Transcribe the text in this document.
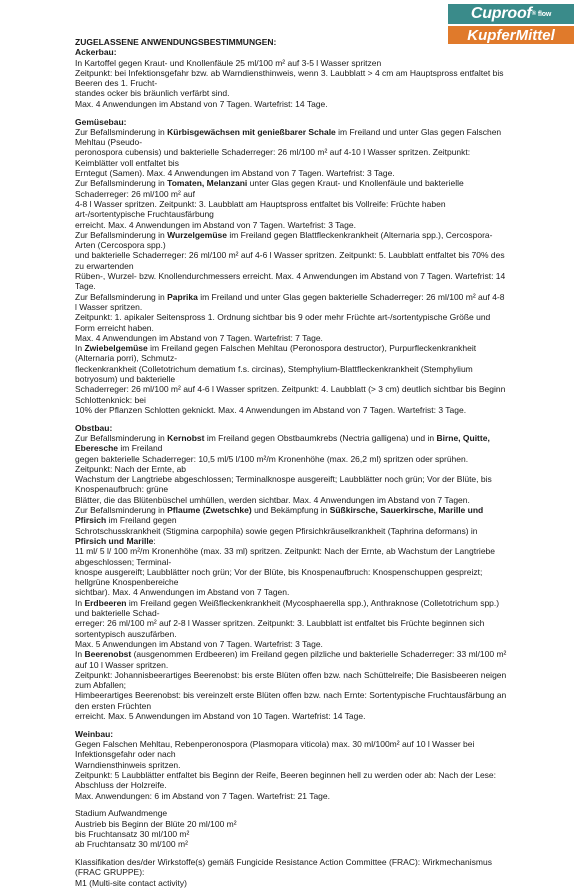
Cuproof ® flow
KupferMittel

ZUGELASSENE ANWENDUNGSBESTIMMUNGEN:

Ackerbau:

In Kartoffel gegen Kraut- und Knollenfäule 25 ml/100 m² auf 3-5 l Wasser spritzen

Zeitpunkt: bei Infektionsgefahr bzw. ab Warndiensthinweis, wenn 3. Laubblatt > 4 cm am Hauptspross entfaltet bis Beeren des 1. Frucht-

standes ocker bis bräunlich verfärbt sind.

Max. 4 Anwendungen im Abstand von 7 Tagen. Wartefrist: 14 Tage.

Gemüsebau:

Zur Befallsminderung in Kürbisgewächsen mit genießbarer Schale im Freiland und unter Glas gegen Falschen Mehltau (Pseudo-

peronospora cubensis) und bakterielle Schaderreger: 26 ml/100 m² auf 4-10 l Wasser spritzen. Zeitpunkt: Keimblätter voll entfaltet bis

Erntegut (Samen). Max. 4 Anwendungen im Abstand von 7 Tagen. Wartefrist: 3 Tage.

Zur Befallsminderung in Tomaten, Melanzani unter Glas gegen Kraut- und Knollenfäule und bakterielle Schaderreger: 26 ml/100 m² auf

4-8 l Wasser spritzen. Zeitpunkt: 3. Laubblatt am Hauptspross entfaltet bis Vollreife: Früchte haben art-/sortentypische Fruchtausfärbung

erreicht. Max. 4 Anwendungen im Abstand von 7 Tagen. Wartefrist: 3 Tage.

Zur Befallsminderung in Wurzelgemüse im Freiland gegen Blattfleckenkrankheit (Alternaria spp.), Cercospora-Arten (Cercospora spp.)

und bakterielle Schaderreger: 26 ml/100 m² auf 4-6 l Wasser spritzen. Zeitpunkt: 5. Laubblatt entfaltet bis 70% des zu erwartenden

Rüben-, Wurzel- bzw. Knollendurchmessers erreicht. Max. 4 Anwendungen im Abstand von 7 Tagen. Wartefrist: 14 Tage.

Zur Befallsminderung in Paprika im Freiland und unter Glas gegen bakterielle Schaderreger: 26 ml/100 m² auf 4-8 l Wasser spritzen.

Zeitpunkt: 1. apikaler Seitenspross 1. Ordnung sichtbar bis 9 oder mehr Früchte art-/sortentypische Größe und Form erreicht haben.

Max. 4 Anwendungen im Abstand von 7 Tagen. Wartefrist: 7 Tage.

In Zwiebelgemüse im Freiland gegen Falschen Mehltau (Peronospora destructor), Purpurfleckenkrankheit (Alternaria porri), Schmutz-

fleckenkrankheit (Colletotrichum dematium f.s. circinas), Stemphylium-Blattfleckenkrankheit (Stemphylium botryosum) und bakterielle

Schaderreger: 26 ml/100 m² auf 4-6 l Wasser spritzen. Zeitpunkt: 4. Laubblatt (> 3 cm) deutlich sichtbar bis Beginn Schlottenknick: bei

10% der Pflanzen Schlotten geknickt. Max. 4 Anwendungen im Abstand von 7 Tagen. Wartefrist: 3 Tage.

Obstbau:

Zur Befallsminderung in Kernobst im Freiland gegen Obstbaumkrebs (Nectria galligena) und in Birne, Quitte, Eberesche im Freiland

gegen bakterielle Schaderreger: 10,5 ml/5 l/100 m²/m Kronenhöhe (max. 26,2 ml) spritzen oder sprühen. Zeitpunkt: Nach der Ernte, ab

Wachstum der Langtriebe abgeschlossen; Terminalknospe ausgereift; Laubblätter noch grün; Vor der Blüte, bis Knospenaufbruch: grüne

Blätter, die das Blütenbüschel umhüllen, werden sichtbar. Max. 4 Anwendungen im Abstand von 7 Tagen.

Zur Befallsminderung in Pflaume (Zwetschke) und Bekämpfung in Süßkirsche, Sauerkirsche, Marille und Pfirsich im Freiland gegen

Schrotschusskrankheit (Stigmina carpophila) sowie gegen Pfirsichkräuselkrankheit (Taphrina deformans) in Pfirsich und Marille:

11 ml/ 5 l/ 100 m²/m Kronenhöhe (max. 33 ml) spritzen. Zeitpunkt: Nach der Ernte, ab Wachstum der Langtriebe abgeschlossen; Terminal-

knospe ausgereift; Laubblätter noch grün; Vor der Blüte, bis Knospenaufbruch: Knospenschuppen gespreizt; hellgrüne Knospenbereiche

sichtbar). Max. 4 Anwendungen im Abstand von 7 Tagen.

In Erdbeeren im Freiland gegen Weißfleckenkrankheit (Mycosphaerella spp.), Anthraknose (Colletotrichum spp.) und bakterielle Schad-

erreger: 26 ml/100 m² auf 2-8 l Wasser spritzen. Zeitpunkt: 3. Laubblatt ist entfaltet bis Früchte beginnen sich sortentypisch auszufärben.

Max. 5 Anwendungen im Abstand von 7 Tagen. Wartefrist: 3 Tage.

In Beerenobst (ausgenommen Erdbeeren) im Freiland gegen pilzliche und bakterielle Schaderreger: 33 ml/100 m² auf 10 l Wasser spritzen.

Zeitpunkt: Johannisbeerartiges Beerenobst: bis erste Blüten offen bzw. nach Schüttelreife; Die Basisbeeren neigen zum Abfallen;

Himbeerartiges Beerenobst: bis vereinzelt erste Blüten offen bzw. nach Ernte: Sortentypische Fruchtausfärbung an den ersten Früchten

erreicht. Max. 5 Anwendungen im Abstand von 10 Tagen. Wartefrist: 14 Tage.

Weinbau:

Gegen Falschen Mehltau, Rebenperonospora (Plasmopara viticola) max. 30 ml/100m² auf 10 l Wasser bei Infektionsgefahr oder nach

Warndiensthinweis spritzen.

Zeitpunkt: 5 Laubblätter entfaltet bis Beginn der Reife, Beeren beginnen hell zu werden oder ab: Nach der Lese: Abschluss der Holzreife.

Max. Anwendungen: 6 im Abstand von 7 Tagen. Wartefrist: 21 Tage.

Stadium Aufwandmenge

Austrieb bis Beginn der Blüte 20 ml/100 m²

bis Fruchtansatz 30 ml/100 m²

ab Fruchtansatz 30 ml/100 m²

Klassifikation des/der Wirkstoffe(s) gemäß Fungicide Resistance Action Committee (FRAC): Wirkmechanismus (FRAC GRUPPE):

M1 (Multi-site contact activity)
